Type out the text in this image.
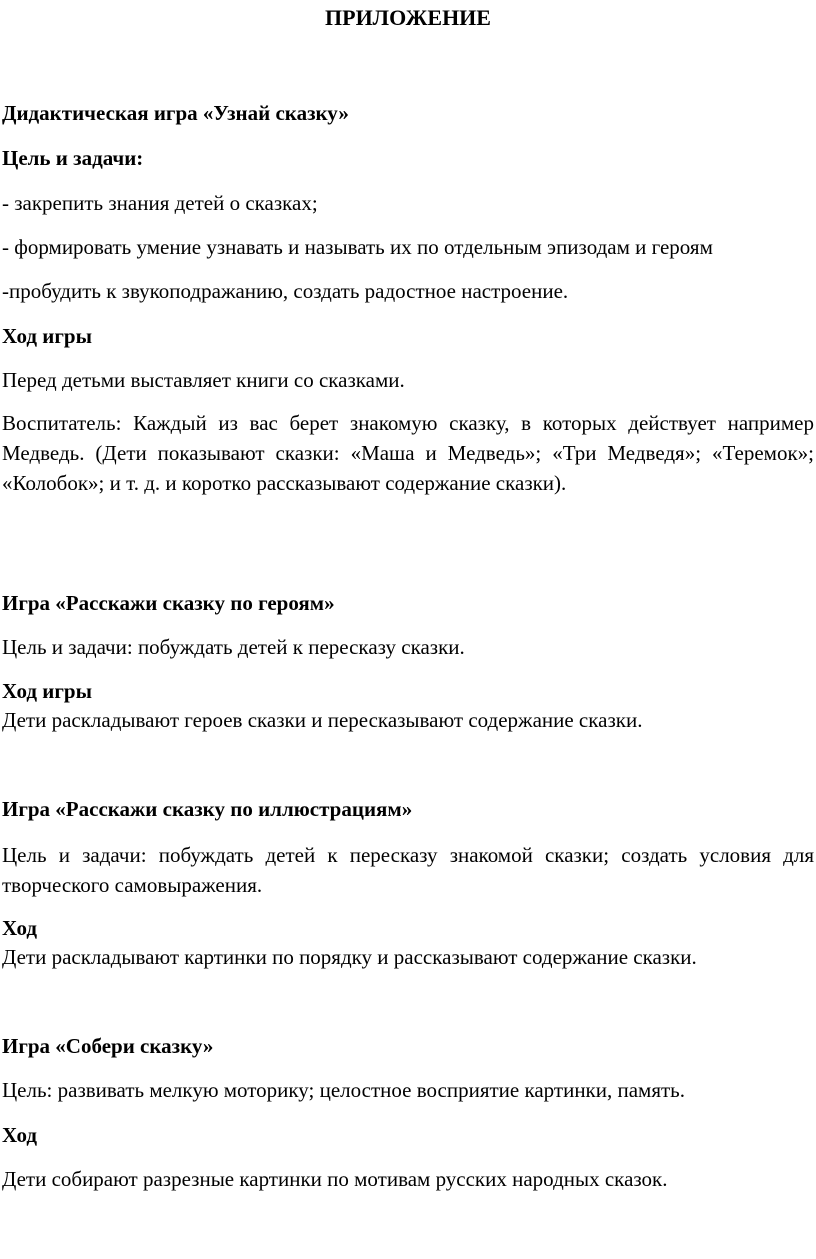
ПРИЛОЖЕНИЕ
Дидактическая игра «Узнай сказку»
Цель и задачи:
- закрепить знания детей о сказках;
- формировать умение узнавать и называть их по отдельным эпизодам и героям
-пробудить к звукоподражанию, создать радостное настроение.
Ход игры
Перед детьми выставляет книги со сказками.
Воспитатель: Каждый из вас берет знакомую сказку, в которых действует например Медведь. (Дети показывают сказки: «Маша и Медведь»; «Три Медведя»; «Теремок»; «Колобок»; и т. д. и коротко рассказывают содержание сказки).
Игра «Расскажи сказку по героям»
Цель и задачи: побуждать детей к пересказу сказки.
Ход игры
Дети раскладывают героев сказки и пересказывают содержание сказки.
Игра «Расскажи сказку по иллюстрациям»
Цель и задачи: побуждать детей к пересказу знакомой сказки; создать условия для творческого самовыражения.
Ход
Дети раскладывают картинки по порядку и рассказывают содержание сказки.
Игра «Собери сказку»
Цель: развивать мелкую моторику; целостное восприятие картинки, память.
Ход
Дети собирают разрезные картинки по мотивам русских народных сказок.
